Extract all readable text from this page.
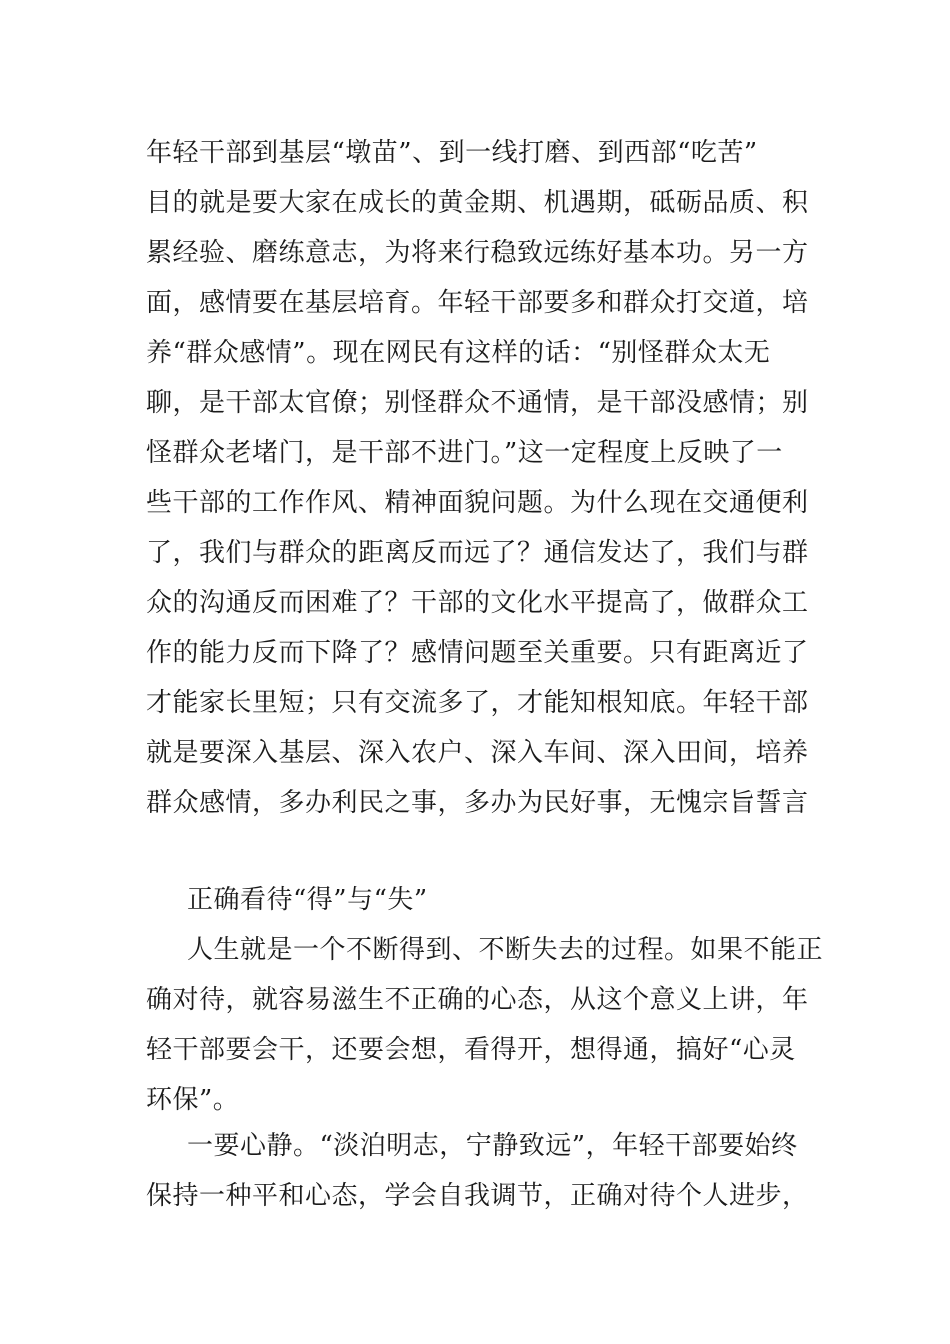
年轻干部到基层“墩苗”、到一线打磨、到西部“吃苦”
目的就是要大家在成长的黄金期、机遇期，砥砺品质、积
累经验、磨练意志，为将来行稳致远练好基本功。另一方
面，感情要在基层培育。年轻干部要多和群众打交道，培
养“群众感情”。现在网民有这样的话：“别怪群众太无
聊，是干部太官僚；别怪群众不通情，是干部没感情；别
怪群众老堵门，是干部不进门。”这一定程度上反映了一
些干部的工作作风、精神面貌问题。为什么现在交通便利
了，我们与群众的距离反而远了？通信发达了，我们与群
众的沟通反而困难了？干部的文化水平提高了，做群众工
作的能力反而下降了？感情问题至关重要。只有距离近了
才能家长里短；只有交流多了，才能知根知底。年轻干部
就是要深入基层、深入农户、深入车间、深入田间，培养
群众感情，多办利民之事，多办为民好事，无愧宗旨誓言
正确看待“得”与“失”
人生就是一个不断得到、不断失去的过程。如果不能正
确对待，就容易滋生不正确的心态，从这个意义上讲，年
轻干部要会干，还要会想，看得开，想得通，搞好“心灵
环保”。
一要心静。“淡泊明志，宁静致远”，年轻干部要始终
保持一种平和心态，学会自我调节，正确对待个人进步，
